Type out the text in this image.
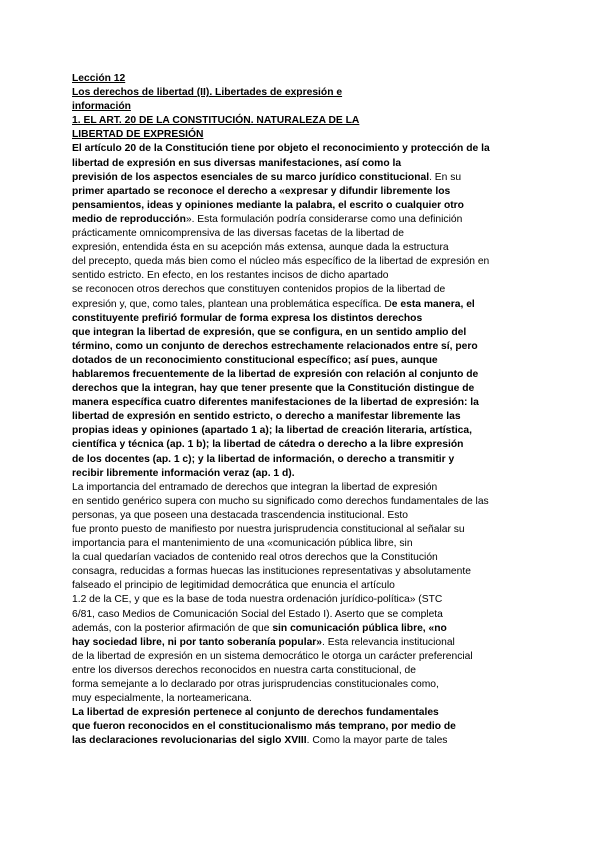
Lección 12
Los derechos de libertad (II). Libertades de expresión e
información
1. EL ART. 20 DE LA CONSTITUCIÓN. NATURALEZA DE LA
LIBERTAD DE EXPRESIÓN
El artículo 20 de la Constitución tiene por objeto el reconocimiento y protección de la
libertad de expresión en sus diversas manifestaciones, así como la
previsión de los aspectos esenciales de su marco jurídico constitucional. En su
primer apartado se reconoce el derecho a «expresar y difundir libremente los
pensamientos, ideas y opiniones mediante la palabra, el escrito o cualquier otro
medio de reproducción». Esta formulación podría considerarse como una definición
prácticamente omnicomprensiva de las diversas facetas de la libertad de
expresión, entendida ésta en su acepción más extensa, aunque dada la estructura
del precepto, queda más bien como el núcleo más específico de la libertad de expresión en
sentido estricto. En efecto, en los restantes incisos de dicho apartado
se reconocen otros derechos que constituyen contenidos propios de la libertad de
expresión y, que, como tales, plantean una problemática específica. De esta manera, el
constituyente prefirió formular de forma expresa los distintos derechos
que integran la libertad de expresión, que se configura, en un sentido amplio del
término, como un conjunto de derechos estrechamente relacionados entre sí, pero
dotados de un reconocimiento constitucional específico; así pues, aunque
hablaremos frecuentemente de la libertad de expresión con relación al conjunto de
derechos que la integran, hay que tener presente que la Constitución distingue de
manera específica cuatro diferentes manifestaciones de la libertad de expresión: la
libertad de expresión en sentido estricto, o derecho a manifestar libremente las
propias ideas y opiniones (apartado 1 a); la libertad de creación literaria, artística,
científica y técnica (ap. 1 b); la libertad de cátedra o derecho a la libre expresión
de los docentes (ap. 1 c); y la libertad de información, o derecho a transmitir y
recibir libremente información veraz (ap. 1 d).
La importancia del entramado de derechos que integran la libertad de expresión
en sentido genérico supera con mucho su significado como derechos fundamentales de las
personas, ya que poseen una destacada trascendencia institucional. Esto
fue pronto puesto de manifiesto por nuestra jurisprudencia constitucional al señalar su
importancia para el mantenimiento de una «comunicación pública libre, sin
la cual quedarían vaciados de contenido real otros derechos que la Constitución
consagra, reducidas a formas huecas las instituciones representativas y absolutamente
falseado el principio de legitimidad democrática que enuncia el artículo
1.2 de la CE, y que es la base de toda nuestra ordenación jurídico-política» (STC
6/81, caso Medios de Comunicación Social del Estado I). Aserto que se completa
además, con la posterior afirmación de que sin comunicación pública libre, «no
hay sociedad libre, ni por tanto soberanía popular». Esta relevancia institucional
de la libertad de expresión en un sistema democrático le otorga un carácter preferencial
entre los diversos derechos reconocidos en nuestra carta constitucional, de
forma semejante a lo declarado por otras jurisprudencias constitucionales como,
muy especialmente, la norteamericana.
La libertad de expresión pertenece al conjunto de derechos fundamentales
que fueron reconocidos en el constitucionalismo más temprano, por medio de
las declaraciones revolucionarias del siglo XVIII. Como la mayor parte de tales
